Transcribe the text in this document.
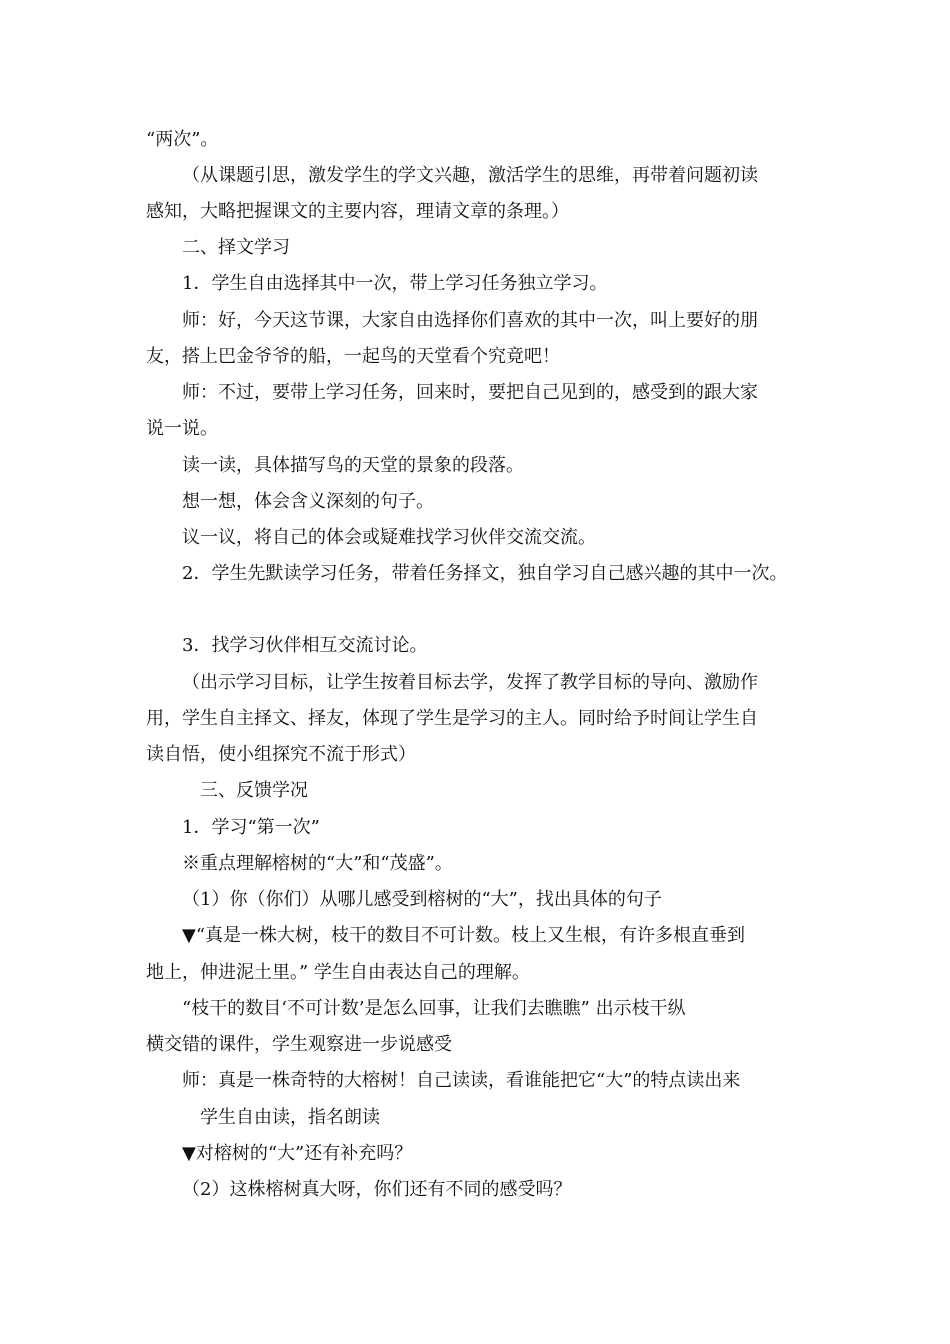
“两次”。
（从课题引思，激发学生的学文兴趣，激活学生的思维，再带着问题初读
感知，大略把握课文的主要内容，理请文章的条理。）
二、择文学习
1．学生自由选择其中一次，带上学习任务独立学习。
师：好，今天这节课，大家自由选择你们喜欢的其中一次，叫上要好的朋
友，搭上巴金爷爷的船，一起鸟的天堂看个究竟吧！
师：不过，要带上学习任务，回来时，要把自己见到的，感受到的跟大家
说一说。
读一读，具体描写鸟的天堂的景象的段落。
想一想，体会含义深刻的句子。
议一议，将自己的体会或疑难找学习伙伴交流交流。
2．学生先默读学习任务，带着任务择文，独自学习自己感兴趣的其中一次。
3．找学习伙伴相互交流讨论。
（出示学习目标，让学生按着目标去学，发挥了教学目标的导向、激励作
用，学生自主择文、择友，体现了学生是学习的主人。同时给予时间让学生自
读自悟，使小组探究不流于形式）
三、反馈学况
1．学习“第一次”
※重点理解榕树的“大”和“茂盛”。
（1）你（你们）从哪儿感受到榕树的“大”，找出具体的句子
▼“真是一株大树，枝干的数目不可计数。枝上又生根，有许多根直垂到
地上，伸进泥土里。” 学生自由表达自己的理解。
“枝干的数目‘不可计数’是怎么回事，让我们去瞧瞧” 出示枝干纵
横交错的课件，学生观察进一步说感受
师：真是一株奇特的大榕树！自己读读，看谁能把它“大”的特点读出来
学生自由读，指名朗读
▼对榕树的“大”还有补充吗？
（2）这株榕树真大呀，你们还有不同的感受吗？
